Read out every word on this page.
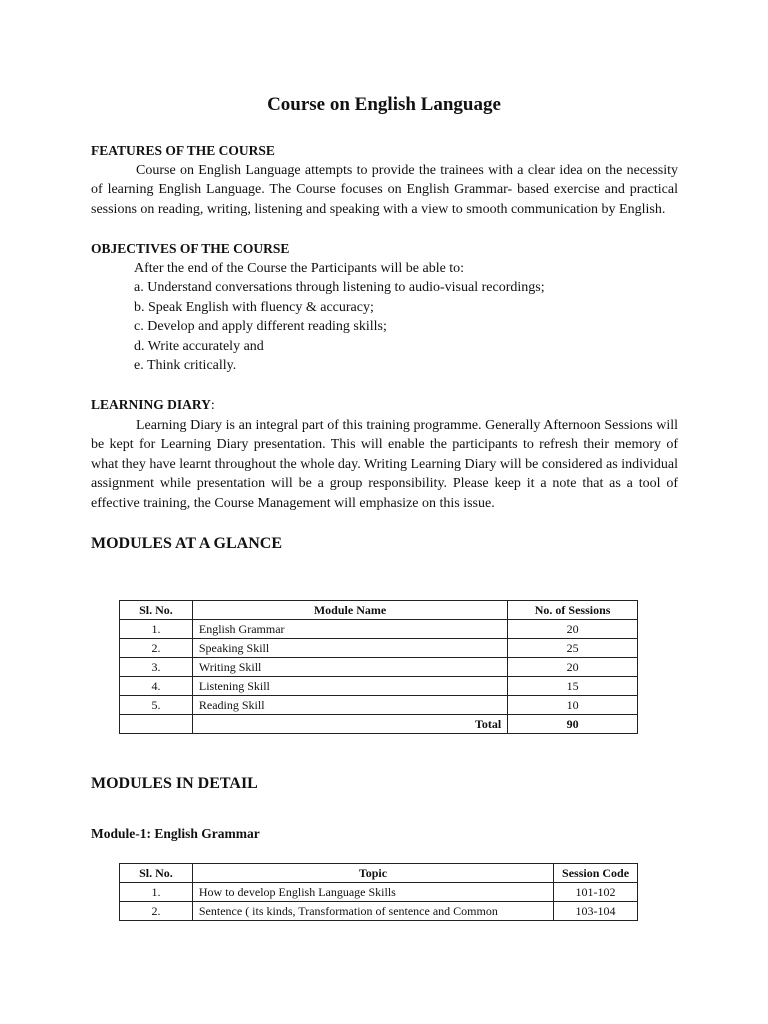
Course on English Language
FEATURES OF THE COURSE

Course on English Language attempts to provide the trainees with a clear idea on the necessity of learning English Language. The Course focuses on English Grammar- based exercise and practical sessions on reading, writing, listening and speaking with a view to smooth communication by English.

OBJECTIVES OF THE COURSE
After the end of the Course the Participants will be able to:
a. Understand conversations through listening to audio-visual recordings;
b. Speak English with fluency & accuracy;
c. Develop and apply different reading skills;
d. Write accurately and
e. Think critically.
LEARNING DIARY:

Learning Diary is an integral part of this training programme. Generally Afternoon Sessions will be kept for Learning Diary presentation. This will enable the participants to refresh their memory of what they have learnt throughout the whole day. Writing Learning Diary will be considered as individual assignment while presentation will be a group responsibility. Please keep it a note that as a tool of effective training, the Course Management will emphasize on this issue.

MODULES AT A GLANCE
Sl. No.	Module Name	No. of Sessions
1.	English Grammar	20
2.	Speaking Skill	25
3.	Writing Skill	20
4.	Listening Skill	15
5.	Reading Skill	10
	Total	90
MODULES IN DETAIL
Module-1: English Grammar
Sl. No.	Topic	Session Code
1.	How to develop English Language Skills	101-102
2.	Sentence ( its kinds, Transformation of sentence and Common	103-104
